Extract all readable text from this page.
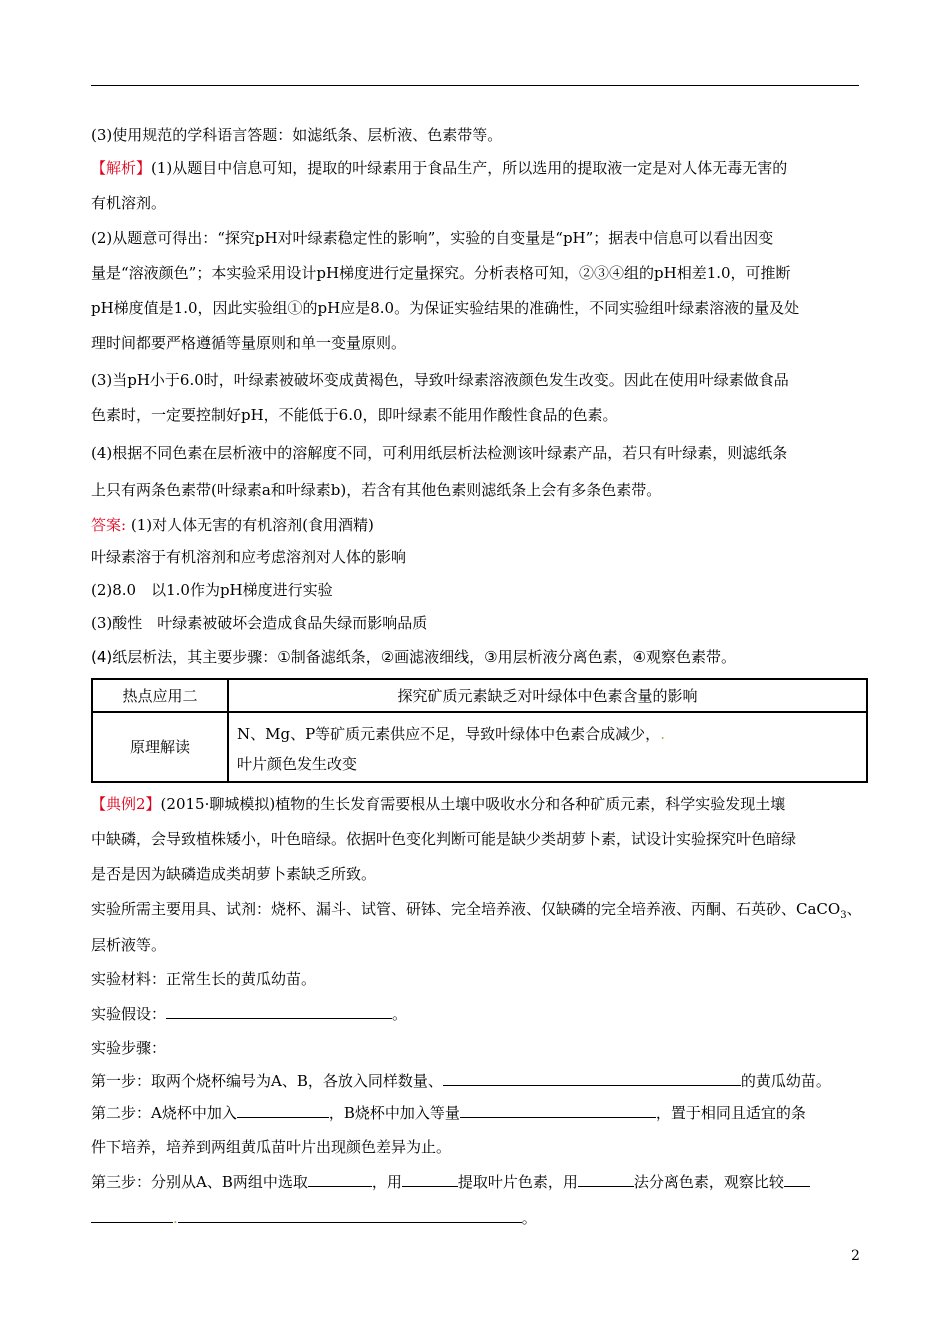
(3)使用规范的学科语言答题：如滤纸条、层析液、色素带等。
【解析】(1)从题目中信息可知，提取的叶绿素用于食品生产，所以选用的提取液一定是对人体无毒无害的
有机溶剂。
(2)从题意可得出：“探究pH对叶绿素稳定性的影响”，实验的自变量是“pH”；据表中信息可以看出因变
量是“溶液颜色”；本实验采用设计pH梯度进行定量探究。分析表格可知，②③④组的pH相差1.0，可推断
pH梯度值是1.0，因此实验组①的pH应是8.0。为保证实验结果的准确性，不同实验组叶绿素溶液的量及处
理时间都要严格遵循等量原则和单一变量原则。
(3)当pH小于6.0时，叶绿素被破坏变成黄褐色，导致叶绿素溶液颜色发生改变。因此在使用叶绿素做食品
色素时，一定要控制好pH，不能低于6.0，即叶绿素不能用作酸性食品的色素。
(4)根据不同色素在层析液中的溶解度不同，可利用纸层析法检测该叶绿素产品，若只有叶绿素，则滤纸条
上只有两条色素带(叶绿素a和叶绿素b)，若含有其他色素则滤纸条上会有多条色素带。
答案: (1)对人体无害的有机溶剂(食用酒精)
叶绿素溶于有机溶剂和应考虑溶剂对人体的影响
(2)8.0　以1.0作为pH梯度进行实验
(3)酸性　叶绿素被破坏会造成食品失绿而影响品质
(4)纸层析法，其主要步骤：①制备滤纸条，②画滤液细线，③用层析液分离色素，④观察色素带。
热点应用二	探究矿质元素缺乏对叶绿体中色素含量的影响
原理解读	N、Mg、P等矿质元素供应不足，导致叶绿体中色素合成减少，.
叶片颜色发生改变
【典例2】(2015·聊城模拟)植物的生长发育需要根从土壤中吸收水分和各种矿质元素，科学实验发现土壤
中缺磷，会导致植株矮小，叶色暗绿。依据叶色变化判断可能是缺少类胡萝卜素，试设计实验探究叶色暗绿
是否是因为缺磷造成类胡萝卜素缺乏所致。
实验所需主要用具、试剂：烧杯、漏斗、试管、研钵、完全培养液、仅缺磷的完全培养液、丙酮、石英砂、CaCO$_3$、
层析液等。
实验材料：正常生长的黄瓜幼苗。
实验假设：	。
实验步骤：
第一步：取两个烧杯编号为A、B，各放入同样数量、	的黄瓜幼苗。
第二步：A烧杯中加入	，B烧杯中加入等量	，置于相同且适宜的条
件下培养，培养到两组黄瓜苗叶片出现颜色差异为止。
第三步：分别从A、B两组中选取	，用	提取叶片色素，用	法分离色素，观察比较
.	。
2
